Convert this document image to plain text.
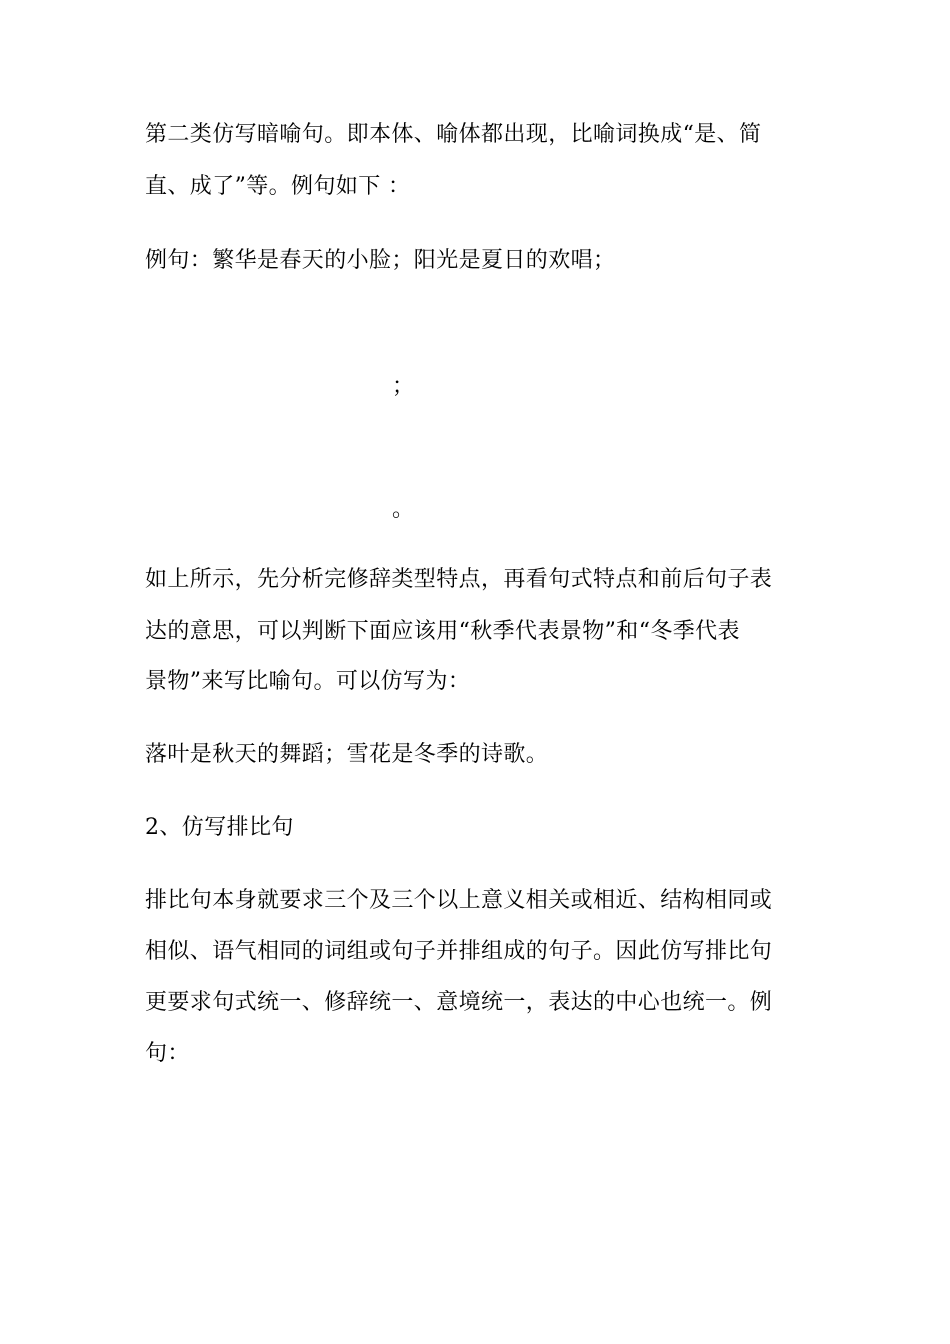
第二类仿写暗喻句。即本体、喻体都出现，比喻词换成“是、简
直、成了”等。例句如下 ：
例句：繁华是春天的小脸；阳光是夏日的欢唱；
；
。
如上所示，先分析完修辞类型特点，再看句式特点和前后句子表
达的意思，可以判断下面应该用“秋季代表景物”和“冬季代表
景物”来写比喻句。可以仿写为：
落叶是秋天的舞蹈；雪花是冬季的诗歌。
2、仿写排比句
排比句本身就要求三个及三个以上意义相关或相近、结构相同或
相似、语气相同的词组或句子并排组成的句子。因此仿写排比句
更要求句式统一、修辞统一、意境统一，表达的中心也统一。例
句：
